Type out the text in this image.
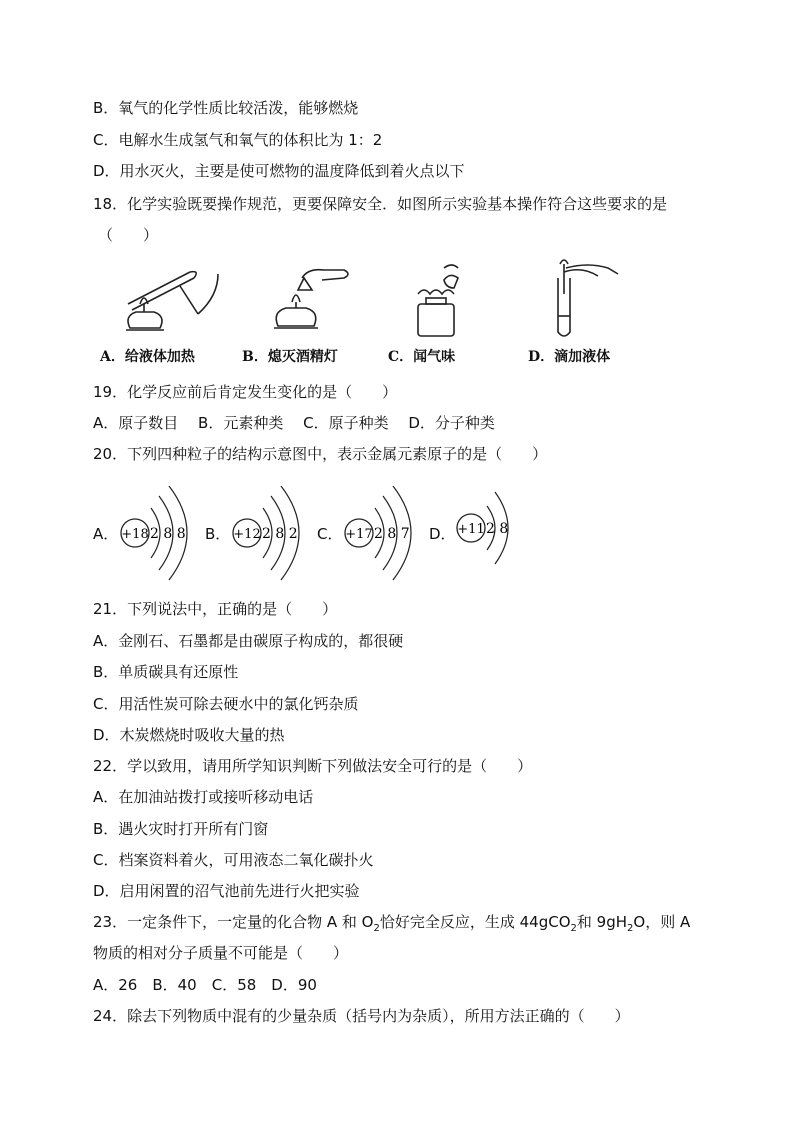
B．氧气的化学性质比较活泼，能够燃烧
C．电解水生成氢气和氧气的体积比为 1：2
D．用水灭火，主要是使可燃物的温度降低到着火点以下
18．化学实验既要操作规范，更要保障安全．如图所示实验基本操作符合这些要求的是
（　　）
A．给液体加热	B．熄灭酒精灯	C．闻气味	D．滴加液体
19．化学反应前后肯定发生变化的是（　　）
A．原子数目　 B．元素种类　 C．原子种类　 D．分子种类
20．下列四种粒子的结构示意图中，表示金属元素原子的是（　　）
A． +18 2 8 8 B． +12 2 8 2 C． +17 2 8 7 D． +11 2 8
21．下列说法中，正确的是（　　）
A．金刚石、石墨都是由碳原子构成的，都很硬
B．单质碳具有还原性
C．用活性炭可除去硬水中的氯化钙杂质
D．木炭燃烧时吸收大量的热
22．学以致用，请用所学知识判断下列做法安全可行的是（　　）
A．在加油站拨打或接听移动电话
B．遇火灾时打开所有门窗
C．档案资料着火，可用液态二氧化碳扑火
D．启用闲置的沼气池前先进行火把实验
23．一定条件下，一定量的化合物 A 和 $O_2$恰好完全反应，生成 44gCO$_2$和 $9gH_2O$，则 A
物质的相对分子质量不可能是（　　）
A．26　B．40　C．58　D．90
24．除去下列物质中混有的少量杂质（括号内为杂质），所用方法正确的（　　）
